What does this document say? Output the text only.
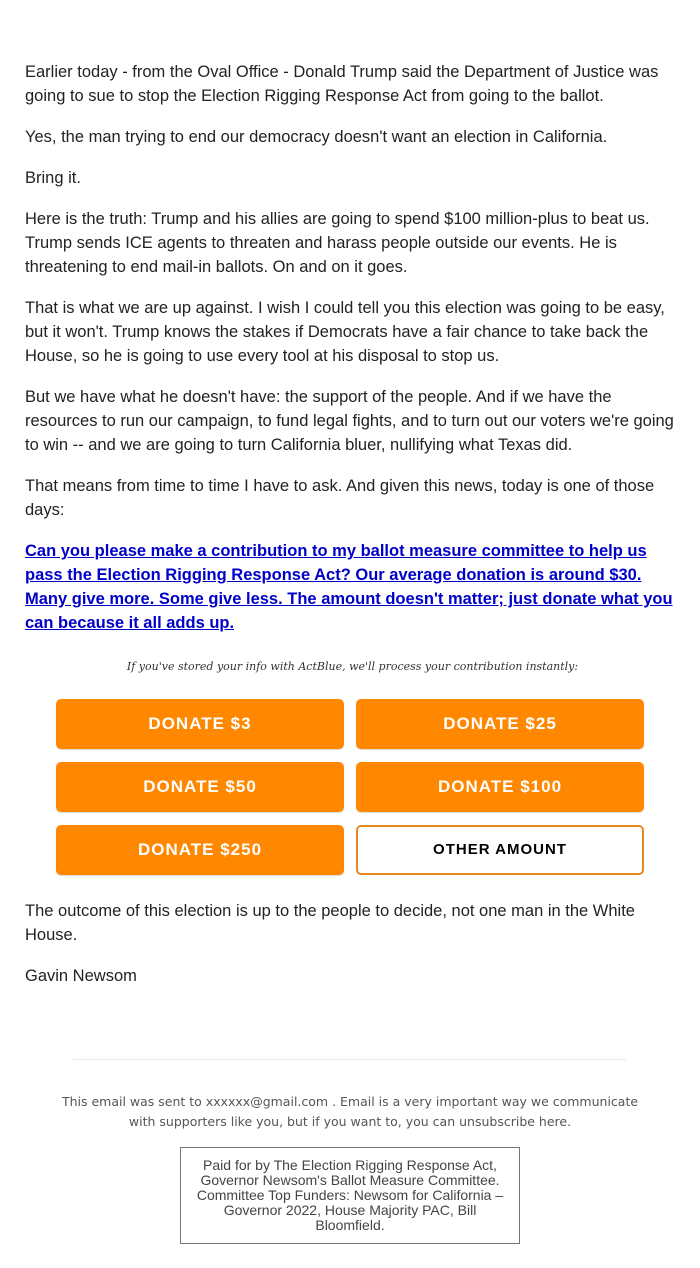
Earlier today - from the Oval Office - Donald Trump said the Department of Justice was going to sue to stop the Election Rigging Response Act from going to the ballot.

Yes, the man trying to end our democracy doesn't want an election in California.

Bring it.

Here is the truth: Trump and his allies are going to spend $100 million-plus to beat us. Trump sends ICE agents to threaten and harass people outside our events. He is threatening to end mail-in ballots. On and on it goes.

That is what we are up against. I wish I could tell you this election was going to be easy, but it won't. Trump knows the stakes if Democrats have a fair chance to take back the House, so he is going to use every tool at his disposal to stop us.

But we have what he doesn't have: the support of the people. And if we have the resources to run our campaign, to fund legal fights, and to turn out our voters we're going to win -- and we are going to turn California bluer, nullifying what Texas did.

That means from time to time I have to ask. And given this news, today is one of those days:

Can you please make a contribution to my ballot measure committee to help us pass the Election Rigging Response Act? Our average donation is around $30. Many give more. Some give less. The amount doesn't matter; just donate what you can because it all adds up.
If you've stored your info with ActBlue, we'll process your contribution instantly:
DONATE $3	DONATE $25
DONATE $50	DONATE $100
DONATE $250	OTHER AMOUNT

The outcome of this election is up to the people to decide, not one man in the White House.

Gavin Newsom

This email was sent to xxxxxx@gmail.com . Email is a very important way we communicate with supporters like you, but if you want to, you can unsubscribe here.
Paid for by The Election Rigging Response Act, Governor Newsom's Ballot Measure Committee. Committee Top Funders: Newsom for California – Governor 2022, House Majority PAC, Bill Bloomfield.
